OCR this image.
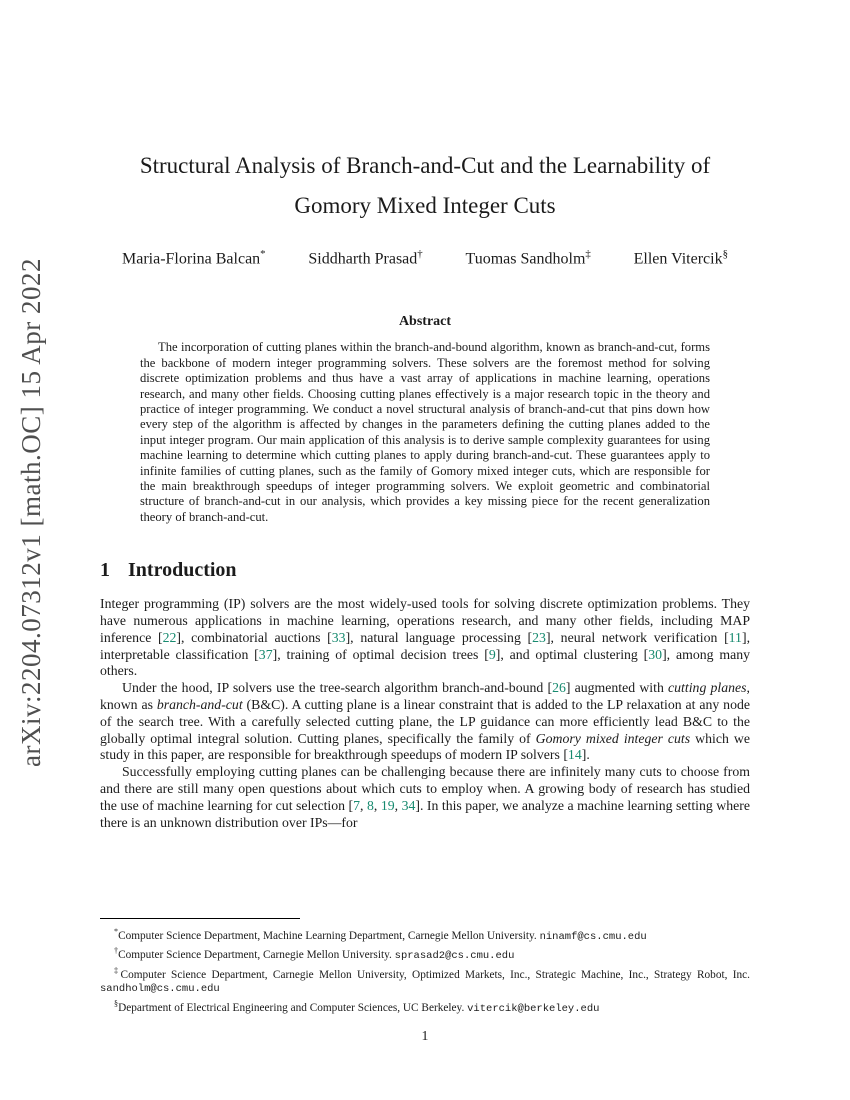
arXiv:2204.07312v1 [math.OC] 15 Apr 2022
Structural Analysis of Branch-and-Cut and the Learnability of Gomory Mixed Integer Cuts
Maria-Florina Balcan*	Siddharth Prasad†	Tuomas Sandholm‡	Ellen Vitercik§
Abstract

The incorporation of cutting planes within the branch-and-bound algorithm, known as branch-and-cut, forms the backbone of modern integer programming solvers. These solvers are the foremost method for solving discrete optimization problems and thus have a vast array of applications in machine learning, operations research, and many other fields. Choosing cutting planes effectively is a major research topic in the theory and practice of integer programming. We conduct a novel structural analysis of branch-and-cut that pins down how every step of the algorithm is affected by changes in the parameters defining the cutting planes added to the input integer program. Our main application of this analysis is to derive sample complexity guarantees for using machine learning to determine which cutting planes to apply during branch-and-cut. These guarantees apply to infinite families of cutting planes, such as the family of Gomory mixed integer cuts, which are responsible for the main breakthrough speedups of integer programming solvers. We exploit geometric and combinatorial structure of branch-and-cut in our analysis, which provides a key missing piece for the recent generalization theory of branch-and-cut.

1 Introduction

Integer programming (IP) solvers are the most widely-used tools for solving discrete optimization problems. They have numerous applications in machine learning, operations research, and many other fields, including MAP inference [22], combinatorial auctions [33], natural language processing [23], neural network verification [11], interpretable classification [37], training of optimal decision trees [9], and optimal clustering [30], among many others.

Under the hood, IP solvers use the tree-search algorithm branch-and-bound [26] augmented with cutting planes, known as branch-and-cut (B&C). A cutting plane is a linear constraint that is added to the LP relaxation at any node of the search tree. With a carefully selected cutting plane, the LP guidance can more efficiently lead B&C to the globally optimal integral solution. Cutting planes, specifically the family of Gomory mixed integer cuts which we study in this paper, are responsible for breakthrough speedups of modern IP solvers [14].

Successfully employing cutting planes can be challenging because there are infinitely many cuts to choose from and there are still many open questions about which cuts to employ when. A growing body of research has studied the use of machine learning for cut selection [7, 8, 19, 34]. In this paper, we analyze a machine learning setting where there is an unknown distribution over IPs—for

*Computer Science Department, Machine Learning Department, Carnegie Mellon University. ninamf@cs.cmu.edu

†Computer Science Department, Carnegie Mellon University. sprasad2@cs.cmu.edu

‡Computer Science Department, Carnegie Mellon University, Optimized Markets, Inc., Strategic Machine, Inc., Strategy Robot, Inc. sandholm@cs.cmu.edu

§Department of Electrical Engineering and Computer Sciences, UC Berkeley. vitercik@berkeley.edu

1
